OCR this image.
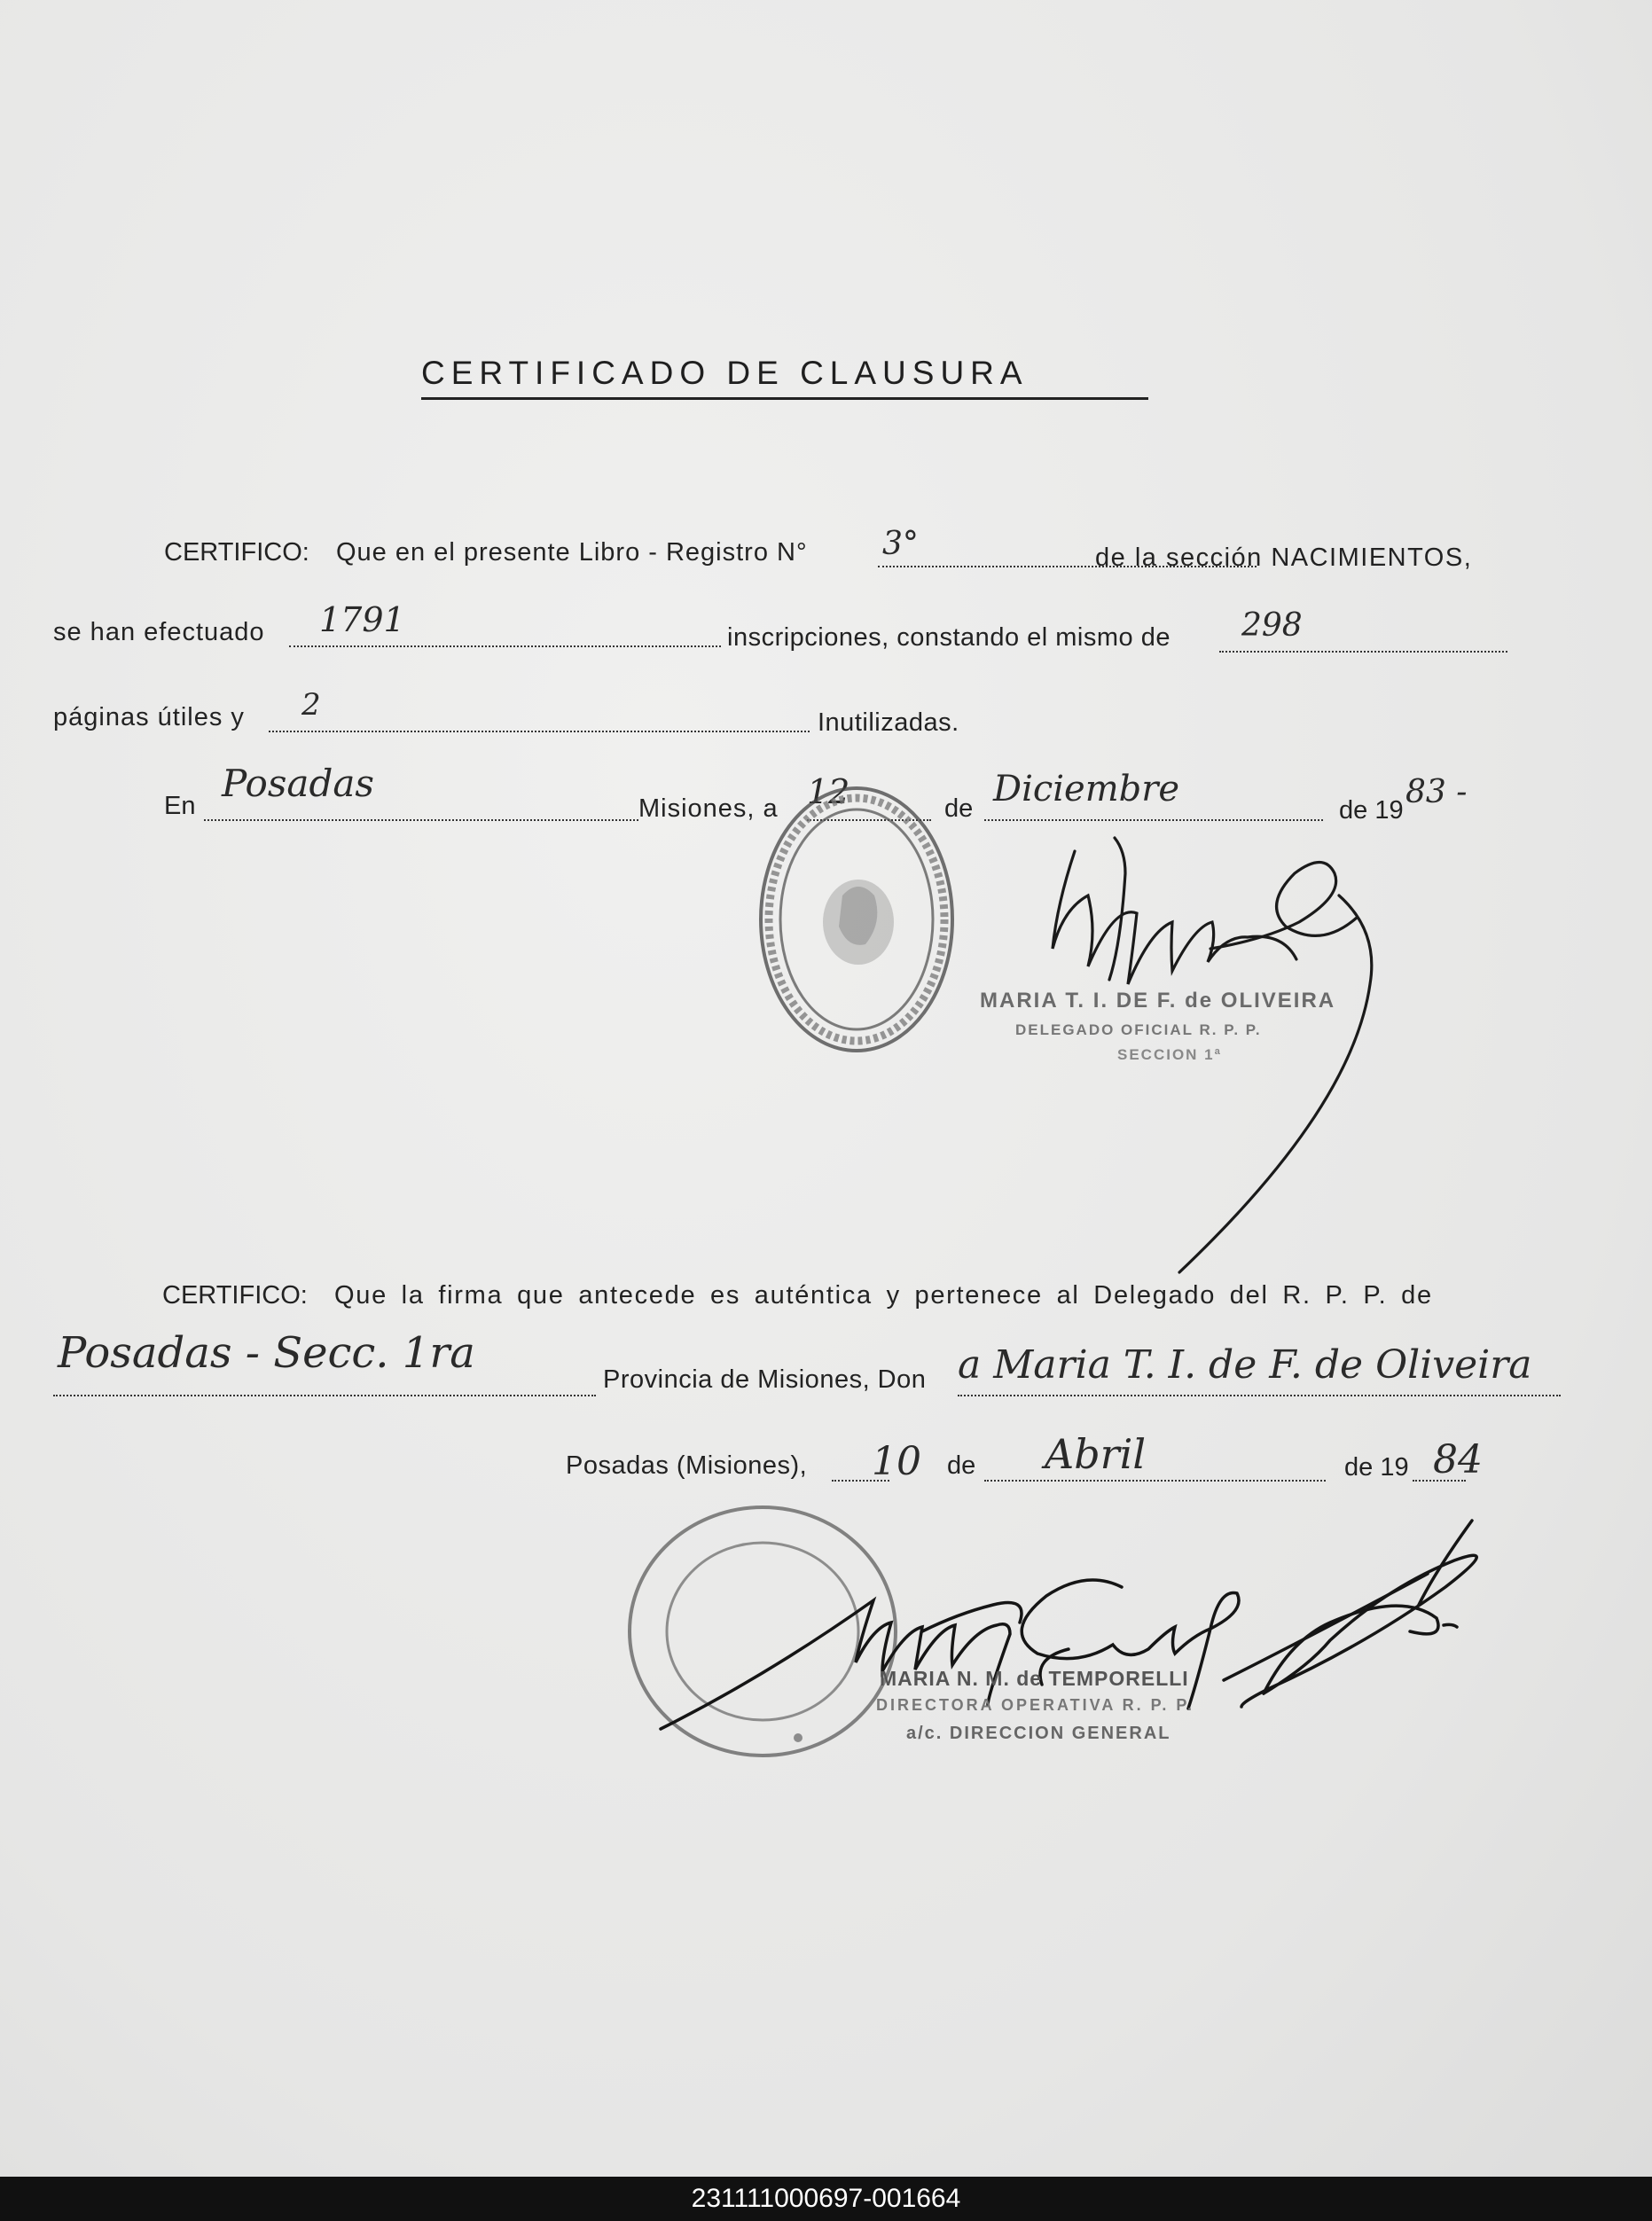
CERTIFICADO DE CLAUSURA
CERTIFICO: Que en el presente Libro - Registro N° 3°	de la sección NACIMIENTOS,
se han efectuado 1791	inscripciones, constando el mismo de 298
páginas útiles y 2	Inutilizadas.
En
Posadas
Misiones, a 12	de Diciembre
de 19 83 -
MARIA T. I. DE F. de OLIVEIRA
DELEGADO OFICIAL R. P. P.
SECCION 1ª
CERTIFICO: Que la firma que antecede es auténtica y pertenece al Delegado del R. P. P. de
Posadas - Secc. 1ra
Provincia de Misiones, Don a Maria T. I. de F. de Oliveira
Posadas (Misiones), 10 de Abril	de 19 84
MARIA N. M. de TEMPORELLI
DIRECTORA OPERATIVA R. P. P.
a/c. DIRECCION GENERAL
231111000697-001664
